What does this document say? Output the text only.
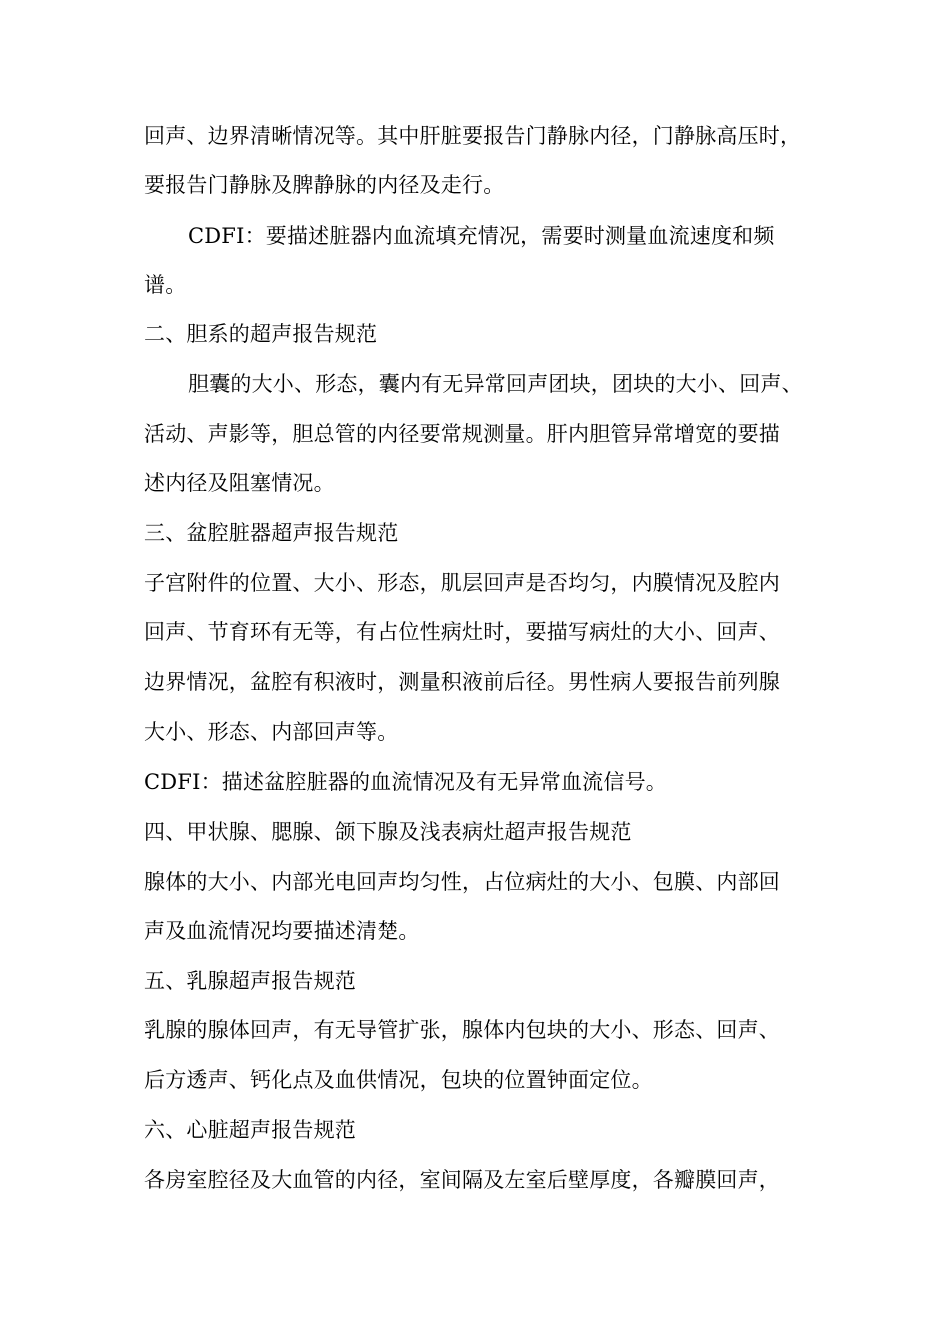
回声、边界清晰情况等。其中肝脏要报告门静脉内径，门静脉高压时，
要报告门静脉及脾静脉的内径及走行。
CDFI：要描述脏器内血流填充情况，需要时测量血流速度和频
谱。
二、胆系的超声报告规范
胆囊的大小、形态，囊内有无异常回声团块，团块的大小、回声、
活动、声影等，胆总管的内径要常规测量。肝内胆管异常增宽的要描
述内径及阻塞情况。
三、盆腔脏器超声报告规范
子宫附件的位置、大小、形态，肌层回声是否均匀，内膜情况及腔内
回声、节育环有无等，有占位性病灶时，要描写病灶的大小、回声、
边界情况，盆腔有积液时，测量积液前后径。男性病人要报告前列腺
大小、形态、内部回声等。
CDFI：描述盆腔脏器的血流情况及有无异常血流信号。
四、甲状腺、腮腺、颌下腺及浅表病灶超声报告规范
腺体的大小、内部光电回声均匀性，占位病灶的大小、包膜、内部回
声及血流情况均要描述清楚。
五、乳腺超声报告规范
乳腺的腺体回声，有无导管扩张，腺体内包块的大小、形态、回声、
后方透声、钙化点及血供情况，包块的位置钟面定位。
六、心脏超声报告规范
各房室腔径及大血管的内径，室间隔及左室后壁厚度，各瓣膜回声，
